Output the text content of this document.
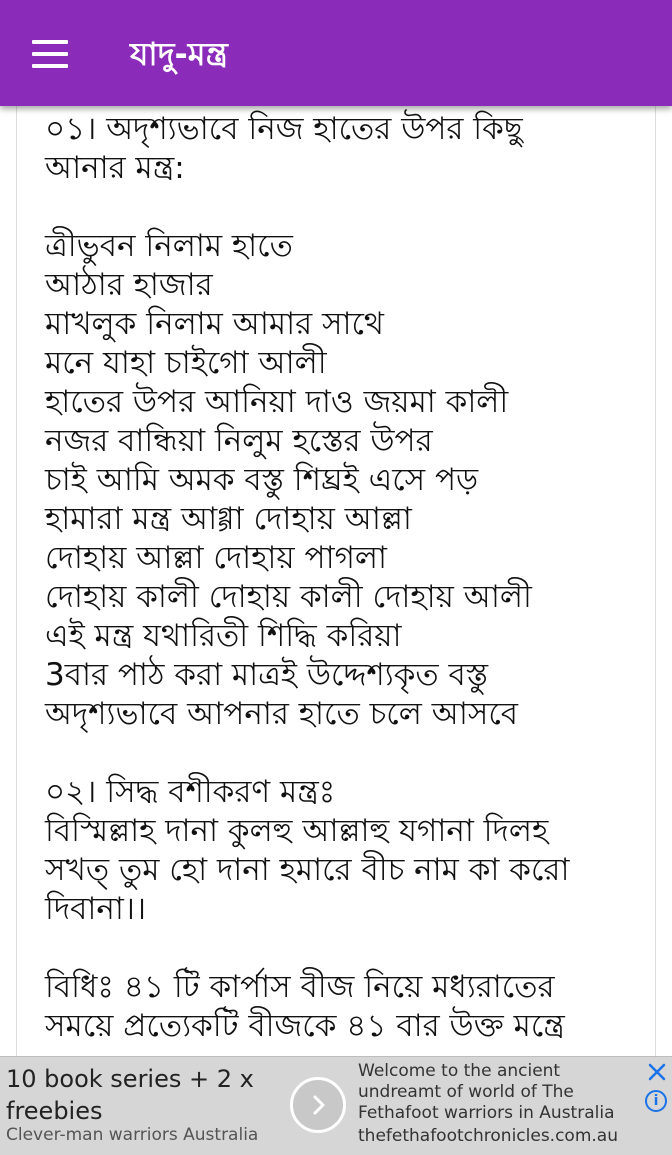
যাদু-মন্ত্র
০১। অদৃশ্যভাবে নিজ হাতের উপর কিছু
আনার মন্ত্র:
ত্রীভুবন নিলাম হাতে
আঠার হাজার
মাখলুক নিলাম আমার সাথে
মনে যাহা চাইগো আলী
হাতের উপর আনিয়া দাও জয়মা কালী
নজর বান্ধিয়া নিলুম হস্তের উপর
চাই আমি অমক বস্তু শিঘ্রই এসে পড়
হামারা মন্ত্র আগ্গা দোহায় আল্লা
দোহায় আল্লা দোহায় পাগলা
দোহায় কালী দোহায় কালী দোহায় আলী
এই মন্ত্র যথারিতী শিদ্ধি করিয়া
3বার পাঠ করা মাত্রই উদ্দেশ্যকৃত বস্তু
অদৃশ্যভাবে আপনার হাতে চলে আসবে
০২। সিদ্ধ বশীকরণ মন্ত্রঃ
বিস্মিল্লাহ দানা কুলহু আল্লাহু যগানা দিলহ
সখত্ তুম হো দানা হমারে বীচ নাম কা করো
দিবানা।।
বিধিঃ ৪১ টি কার্পাস বীজ নিয়ে মধ্যরাতের
সময়ে প্রত্যেকটি বীজকে ৪১ বার উক্ত মন্ত্রে
10 book series + 2 x freebies
Clever-man warriors Australia
Welcome to the ancient undreamt of world of The Fethafoot warriors in Australia
thefethafootchronicles.com.au
i
